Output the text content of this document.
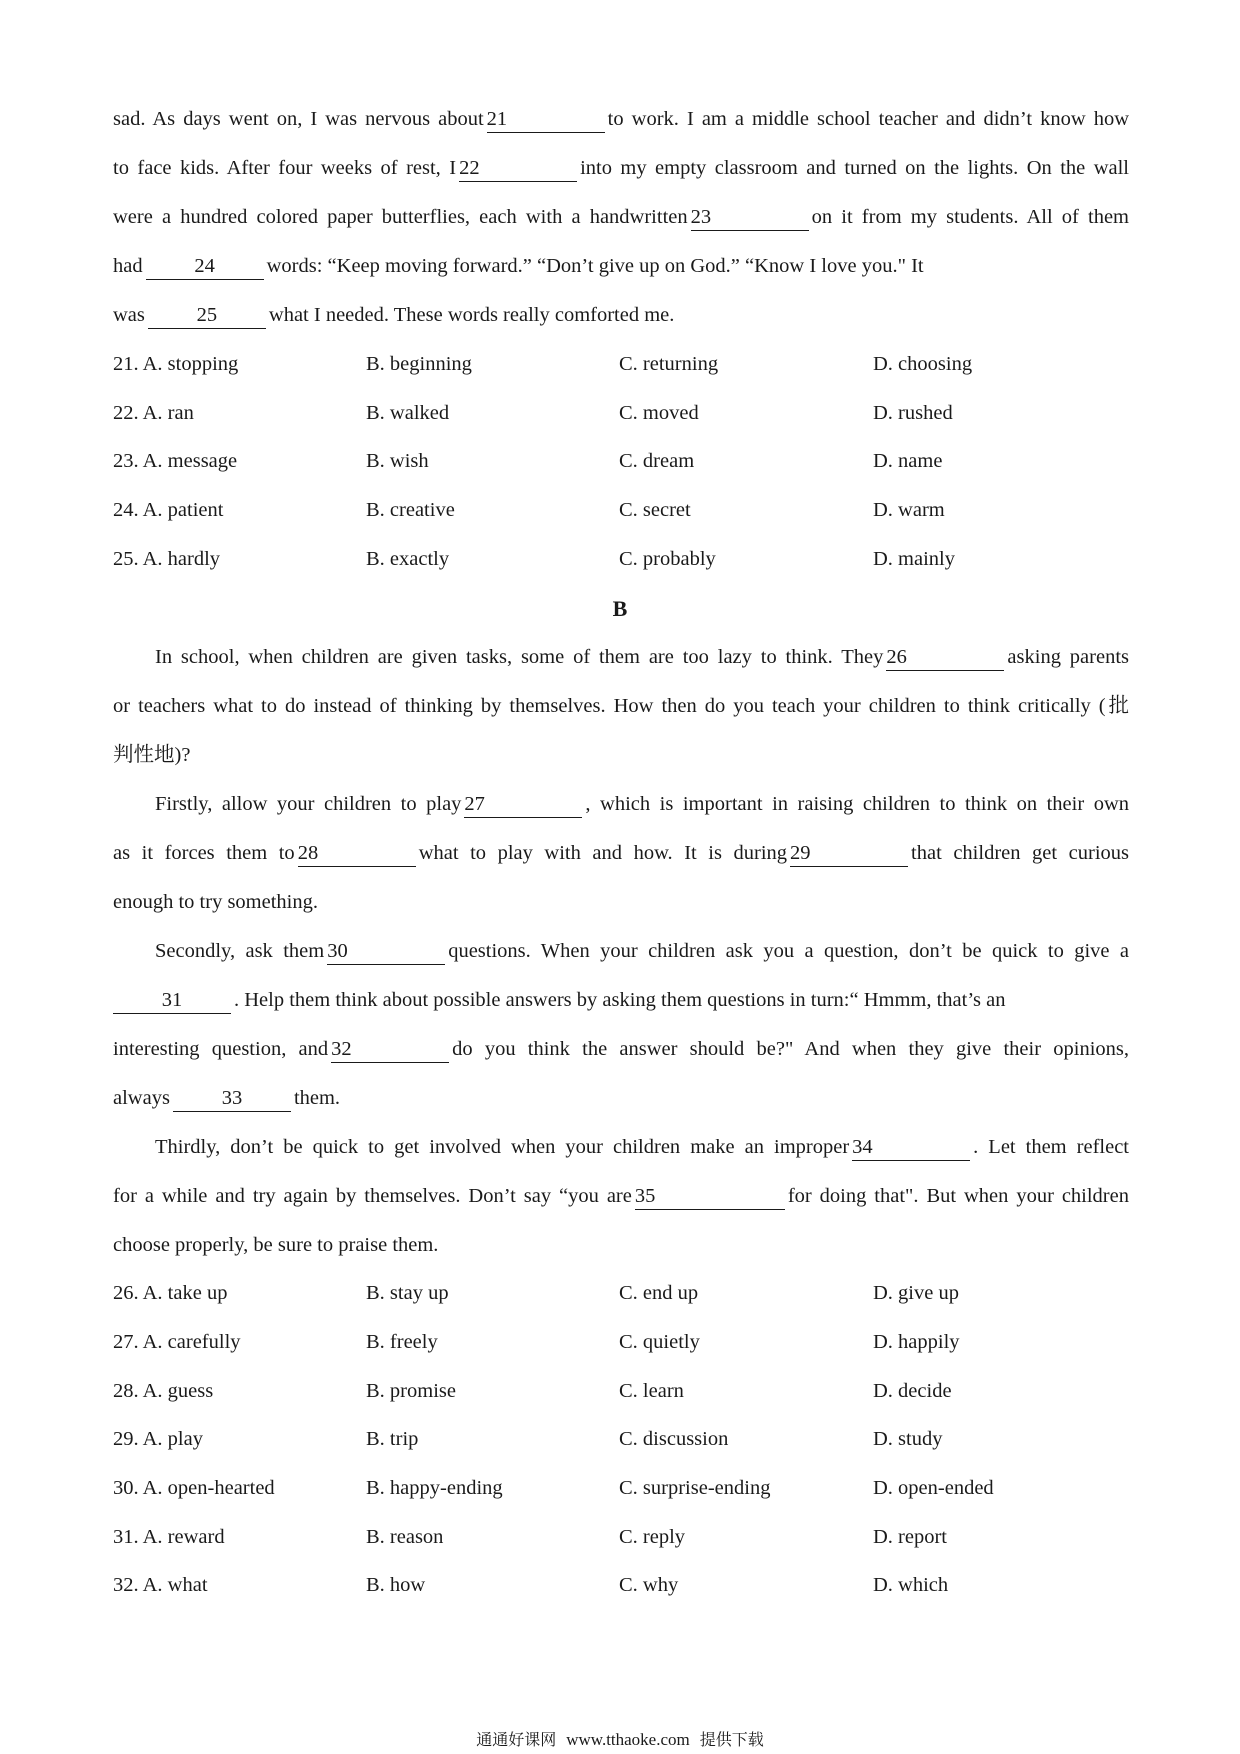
sad. As days went on, I was nervous about 21	to work. I am a middle school teacher and didn’t know how
to face kids. After four weeks of rest, I 22	into my empty classroom and turned on the lights. On the wall
were a hundred colored paper butterflies, each with a handwritten 23	on it from my students. All of them
had	24	words: “Keep moving forward.” “Don’t give up on God.” “Know I love you." It
was	25	what I needed. These words really comforted me.
21. A. stopping	B. beginning	C. returning	D. choosing
22. A. ran	B. walked	C. moved	D. rushed
23. A. message	B. wish	C. dream	D. name
24. A. patient	B. creative	C. secret	D. warm
25. A. hardly	B. exactly	C. probably	D. mainly
B
In school, when children are given tasks, some of them are too lazy to think. They 26	asking parents
or teachers what to do instead of thinking by themselves. How then do you teach your children to think critically (批
判性地)?
Firstly, allow your children to play 27	, which is important in raising children to think on their own
as it forces them to 28	what to play with and how. It is during 29	that children get curious
enough to try something.
Secondly, ask them 30	questions. When your children ask you a question, don’t be quick to give a
31	. Help them think about possible answers by asking them questions in turn:“ Hmmm, that’s an
interesting question, and 32	do you think the answer should be?" And when they give their opinions,
always	33	them.
Thirdly, don’t be quick to get involved when your children make an improper 34	. Let them reflect
for a while and try again by themselves. Don’t say “you are 35	for doing that". But when your children
choose properly, be sure to praise them.
26. A. take up	B. stay up	C. end up	D. give up
27. A. carefully	B. freely	C. quietly	D. happily
28. A. guess	B. promise	C. learn	D. decide
29. A. play	B. trip	C. discussion	D. study
30. A. open-hearted	B. happy-ending	C. surprise-ending	D. open-ended
31. A. reward	B. reason	C. reply	D. report
32. A. what	B. how	C. why	D. which
通通好课网 www.tthaoke.com 提供下载
